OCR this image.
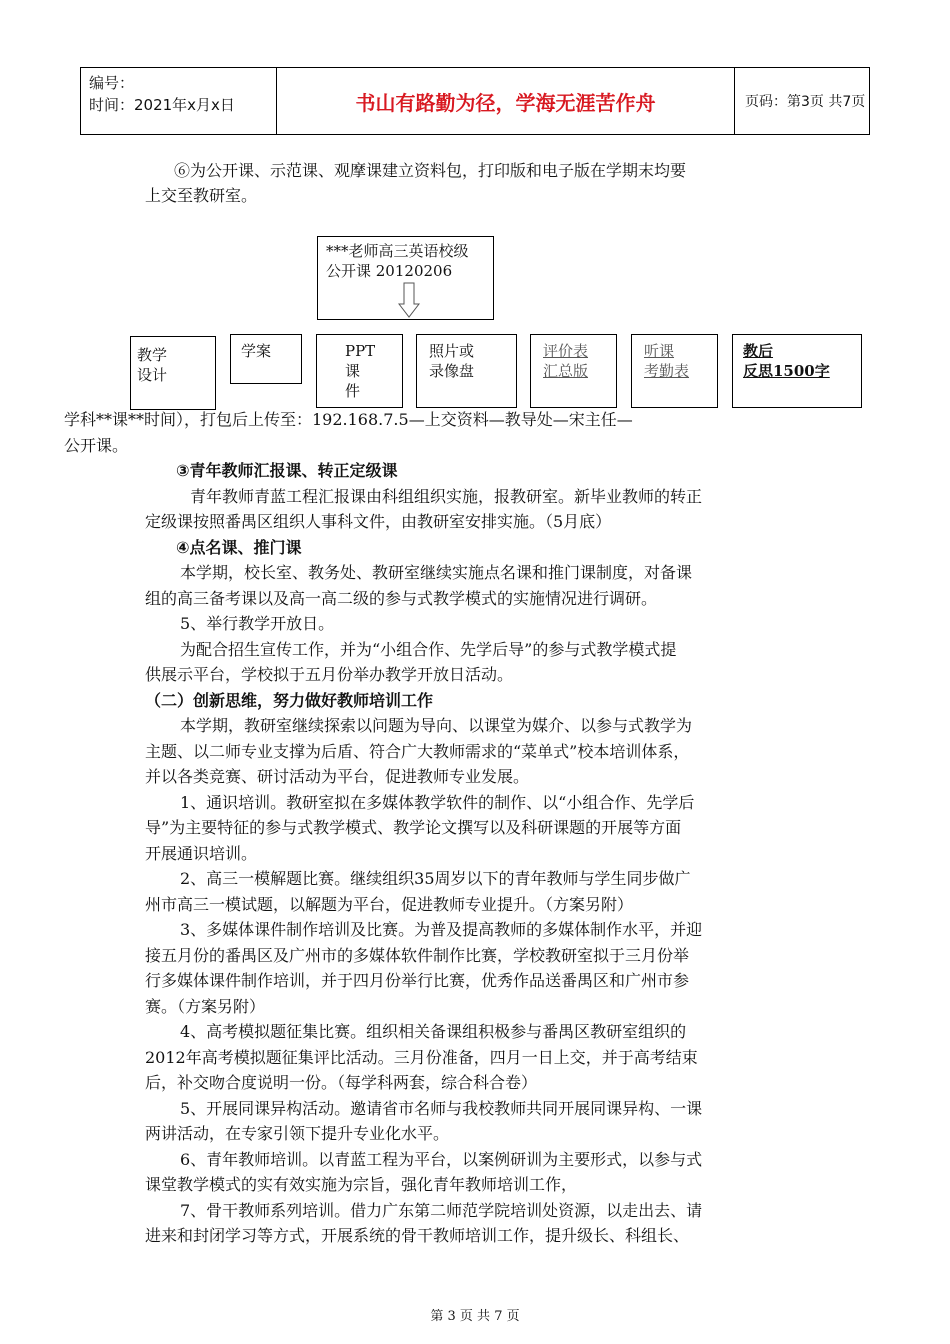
编号：
时间：2021年x月x日	书山有路勤为径，学海无涯苦作舟	页码：第3页 共7页
⑥为公开课、示范课、观摩课建立资料包，打印版和电子版在学期末均要
上交至教研室。
学科**课**时间），打包后上传至：192.168.7.5—上交资料—教导处—宋主任—
公开课。
③青年教师汇报课、转正定级课
青年教师青蓝工程汇报课由科组组织实施，报教研室。新毕业教师的转正
定级课按照番禺区组织人事科文件，由教研室安排实施。（5月底）
④点名课、推门课
本学期，校长室、教务处、教研室继续实施点名课和推门课制度，对备课
组的高三备考课以及高一高二级的参与式教学模式的实施情况进行调研。
5、举行教学开放日。
为配合招生宣传工作，并为“小组合作、先学后导”的参与式教学模式提
供展示平台，学校拟于五月份举办教学开放日活动。
（二）创新思维，努力做好教师培训工作
本学期，教研室继续探索以问题为导向、以课堂为媒介、以参与式教学为
主题、以二师专业支撑为后盾、符合广大教师需求的“菜单式”校本培训体系，
并以各类竞赛、研讨活动为平台，促进教师专业发展。
1、通识培训。教研室拟在多媒体教学软件的制作、以“小组合作、先学后
导”为主要特征的参与式教学模式、教学论文撰写以及科研课题的开展等方面
开展通识培训。
2、高三一模解题比赛。继续组织35周岁以下的青年教师与学生同步做广
州市高三一模试题，以解题为平台，促进教师专业提升。（方案另附）
3、多媒体课件制作培训及比赛。为普及提高教师的多媒体制作水平，并迎
接五月份的番禺区及广州市的多媒体软件制作比赛，学校教研室拟于三月份举
行多媒体课件制作培训，并于四月份举行比赛，优秀作品送番禺区和广州市参
赛。（方案另附）
4、高考模拟题征集比赛。组织相关备课组积极参与番禺区教研室组织的
2012年高考模拟题征集评比活动。三月份准备，四月一日上交，并于高考结束
后，补交吻合度说明一份。（每学科两套，综合科合卷）
5、开展同课异构活动。邀请省市名师与我校教师共同开展同课异构、一课
两讲活动，在专家引领下提升专业化水平。
6、青年教师培训。以青蓝工程为平台，以案例研训为主要形式，以参与式
课堂教学模式的实有效实施为宗旨，强化青年教师培训工作，
7、骨干教师系列培训。借力广东第二师范学院培训处资源，以走出去、请
进来和封闭学习等方式，开展系统的骨干教师培训工作，提升级长、科组长、
***老师高三英语校级
公开课 20120206
教学
设计
学案	PPT
课件
照片或
录像盘
评价表
汇总版
听课
考勤表
教后
反思1500字
第 3 页 共 7 页
